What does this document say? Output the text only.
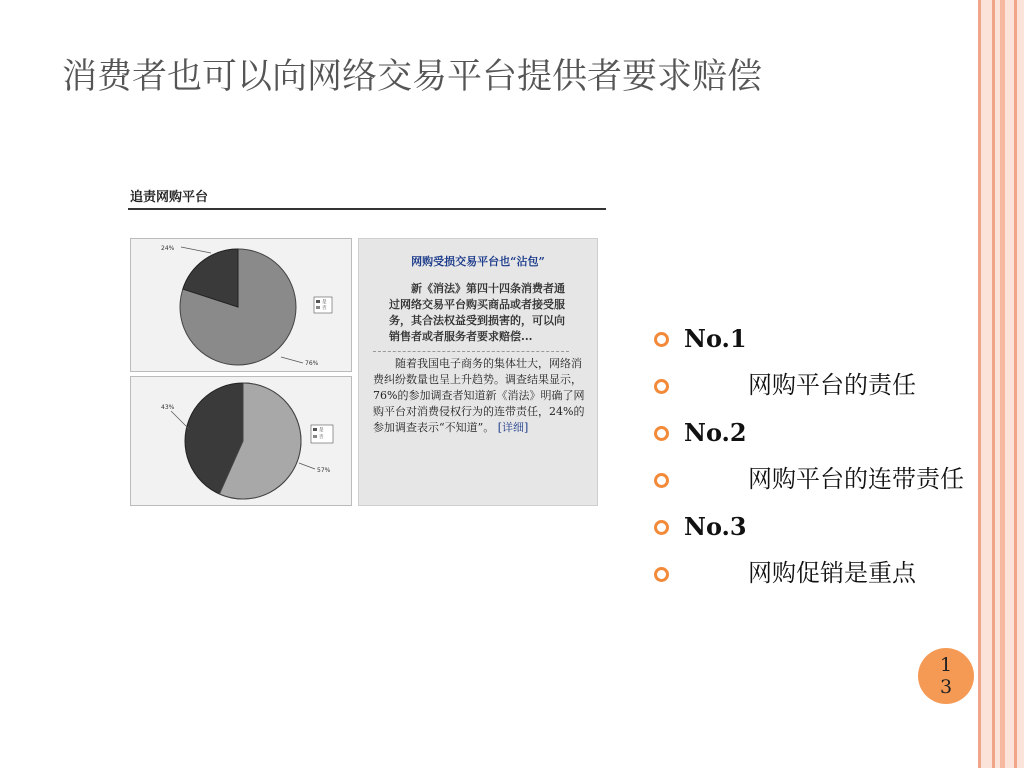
消费者也可以向网络交易平台提供者要求赔偿
追责网购平台
24%
76%
是
否
43%
57%
是
否
网购受损交易平台也“沾包”
新《消法》第四十四条消费者通过网络交易平台购买商品或者接受服务，其合法权益受到损害的，可以向销售者或者服务者要求赔偿...
随着我国电子商务的集体壮大，网络消费纠纷数量也呈上升趋势。调查结果显示，76%的参加调查者知道新《消法》明确了网购平台对消费侵权行为的连带责任，24%的参加调查表示“不知道”。 [详细]
No.1
网购平台的责任
No.2
网购平台的连带责任
No.3
网购促销是重点
1
3
